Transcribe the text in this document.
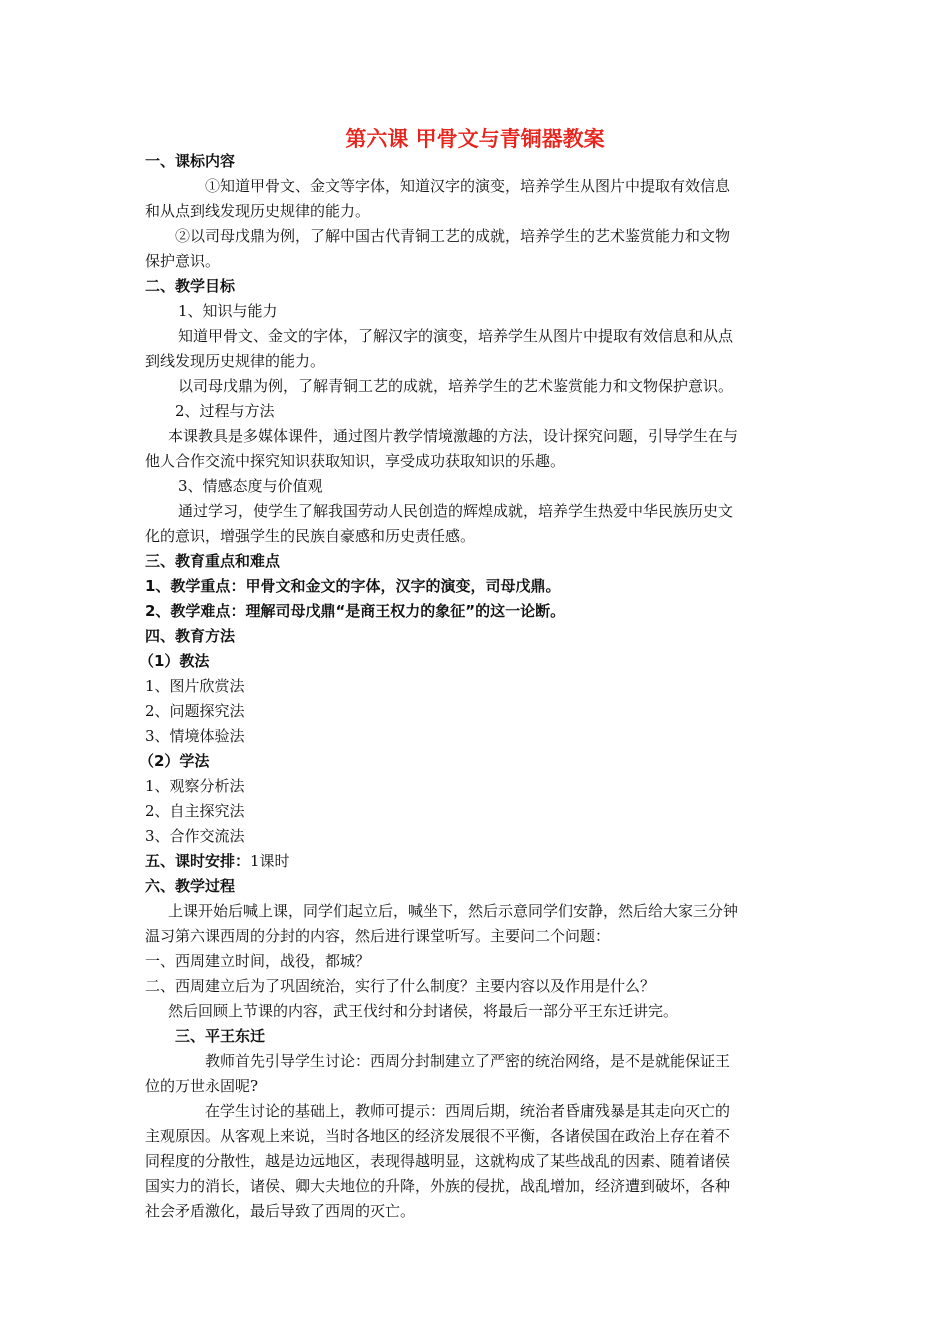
第六课 甲骨文与青铜器教案
一、课标内容
①知道甲骨文、金文等字体，知道汉字的演变，培养学生从图片中提取有效信息
和从点到线发现历史规律的能力。
②以司母戊鼎为例，了解中国古代青铜工艺的成就，培养学生的艺术鉴赏能力和文物
保护意识。
二、教学目标
1、知识与能力
知道甲骨文、金文的字体，了解汉字的演变，培养学生从图片中提取有效信息和从点
到线发现历史规律的能力。
以司母戊鼎为例，了解青铜工艺的成就，培养学生的艺术鉴赏能力和文物保护意识。
2、过程与方法
本课教具是多媒体课件，通过图片教学情境激趣的方法，设计探究问题，引导学生在与
他人合作交流中探究知识获取知识，享受成功获取知识的乐趣。
3、情感态度与价值观
通过学习，使学生了解我国劳动人民创造的辉煌成就，培养学生热爱中华民族历史文
化的意识，增强学生的民族自豪感和历史责任感。
三、教育重点和难点
1、教学重点：甲骨文和金文的字体，汉字的演变，司母戊鼎。
2、教学难点：理解司母戊鼎“是商王权力的象征”的这一论断。
四、教育方法
（1）教法
1、图片欣赏法
2、问题探究法
3、情境体验法
（2）学法
1、观察分析法
2、自主探究法
3、合作交流法
五、课时安排：1课时
六、教学过程
上课开始后喊上课，同学们起立后，喊坐下，然后示意同学们安静，然后给大家三分钟
温习第六课西周的分封的内容，然后进行课堂听写。主要问二个问题：
一、西周建立时间，战役，都城？
二、西周建立后为了巩固统治，实行了什么制度？主要内容以及作用是什么？
然后回顾上节课的内容，武王伐纣和分封诸侯，将最后一部分平王东迁讲完。
三、平王东迁
教师首先引导学生讨论：西周分封制建立了严密的统治网络，是不是就能保证王
位的万世永固呢?
在学生讨论的基础上，教师可提示：西周后期，统治者昏庸残暴是其走向灭亡的
主观原因。从客观上来说，当时各地区的经济发展很不平衡，各诸侯国在政治上存在着不
同程度的分散性，越是边远地区，表现得越明显，这就构成了某些战乱的因素、随着诸侯
国实力的消长，诸侯、卿大夫地位的升降，外族的侵扰，战乱增加，经济遭到破坏，各种
社会矛盾激化，最后导致了西周的灭亡。
